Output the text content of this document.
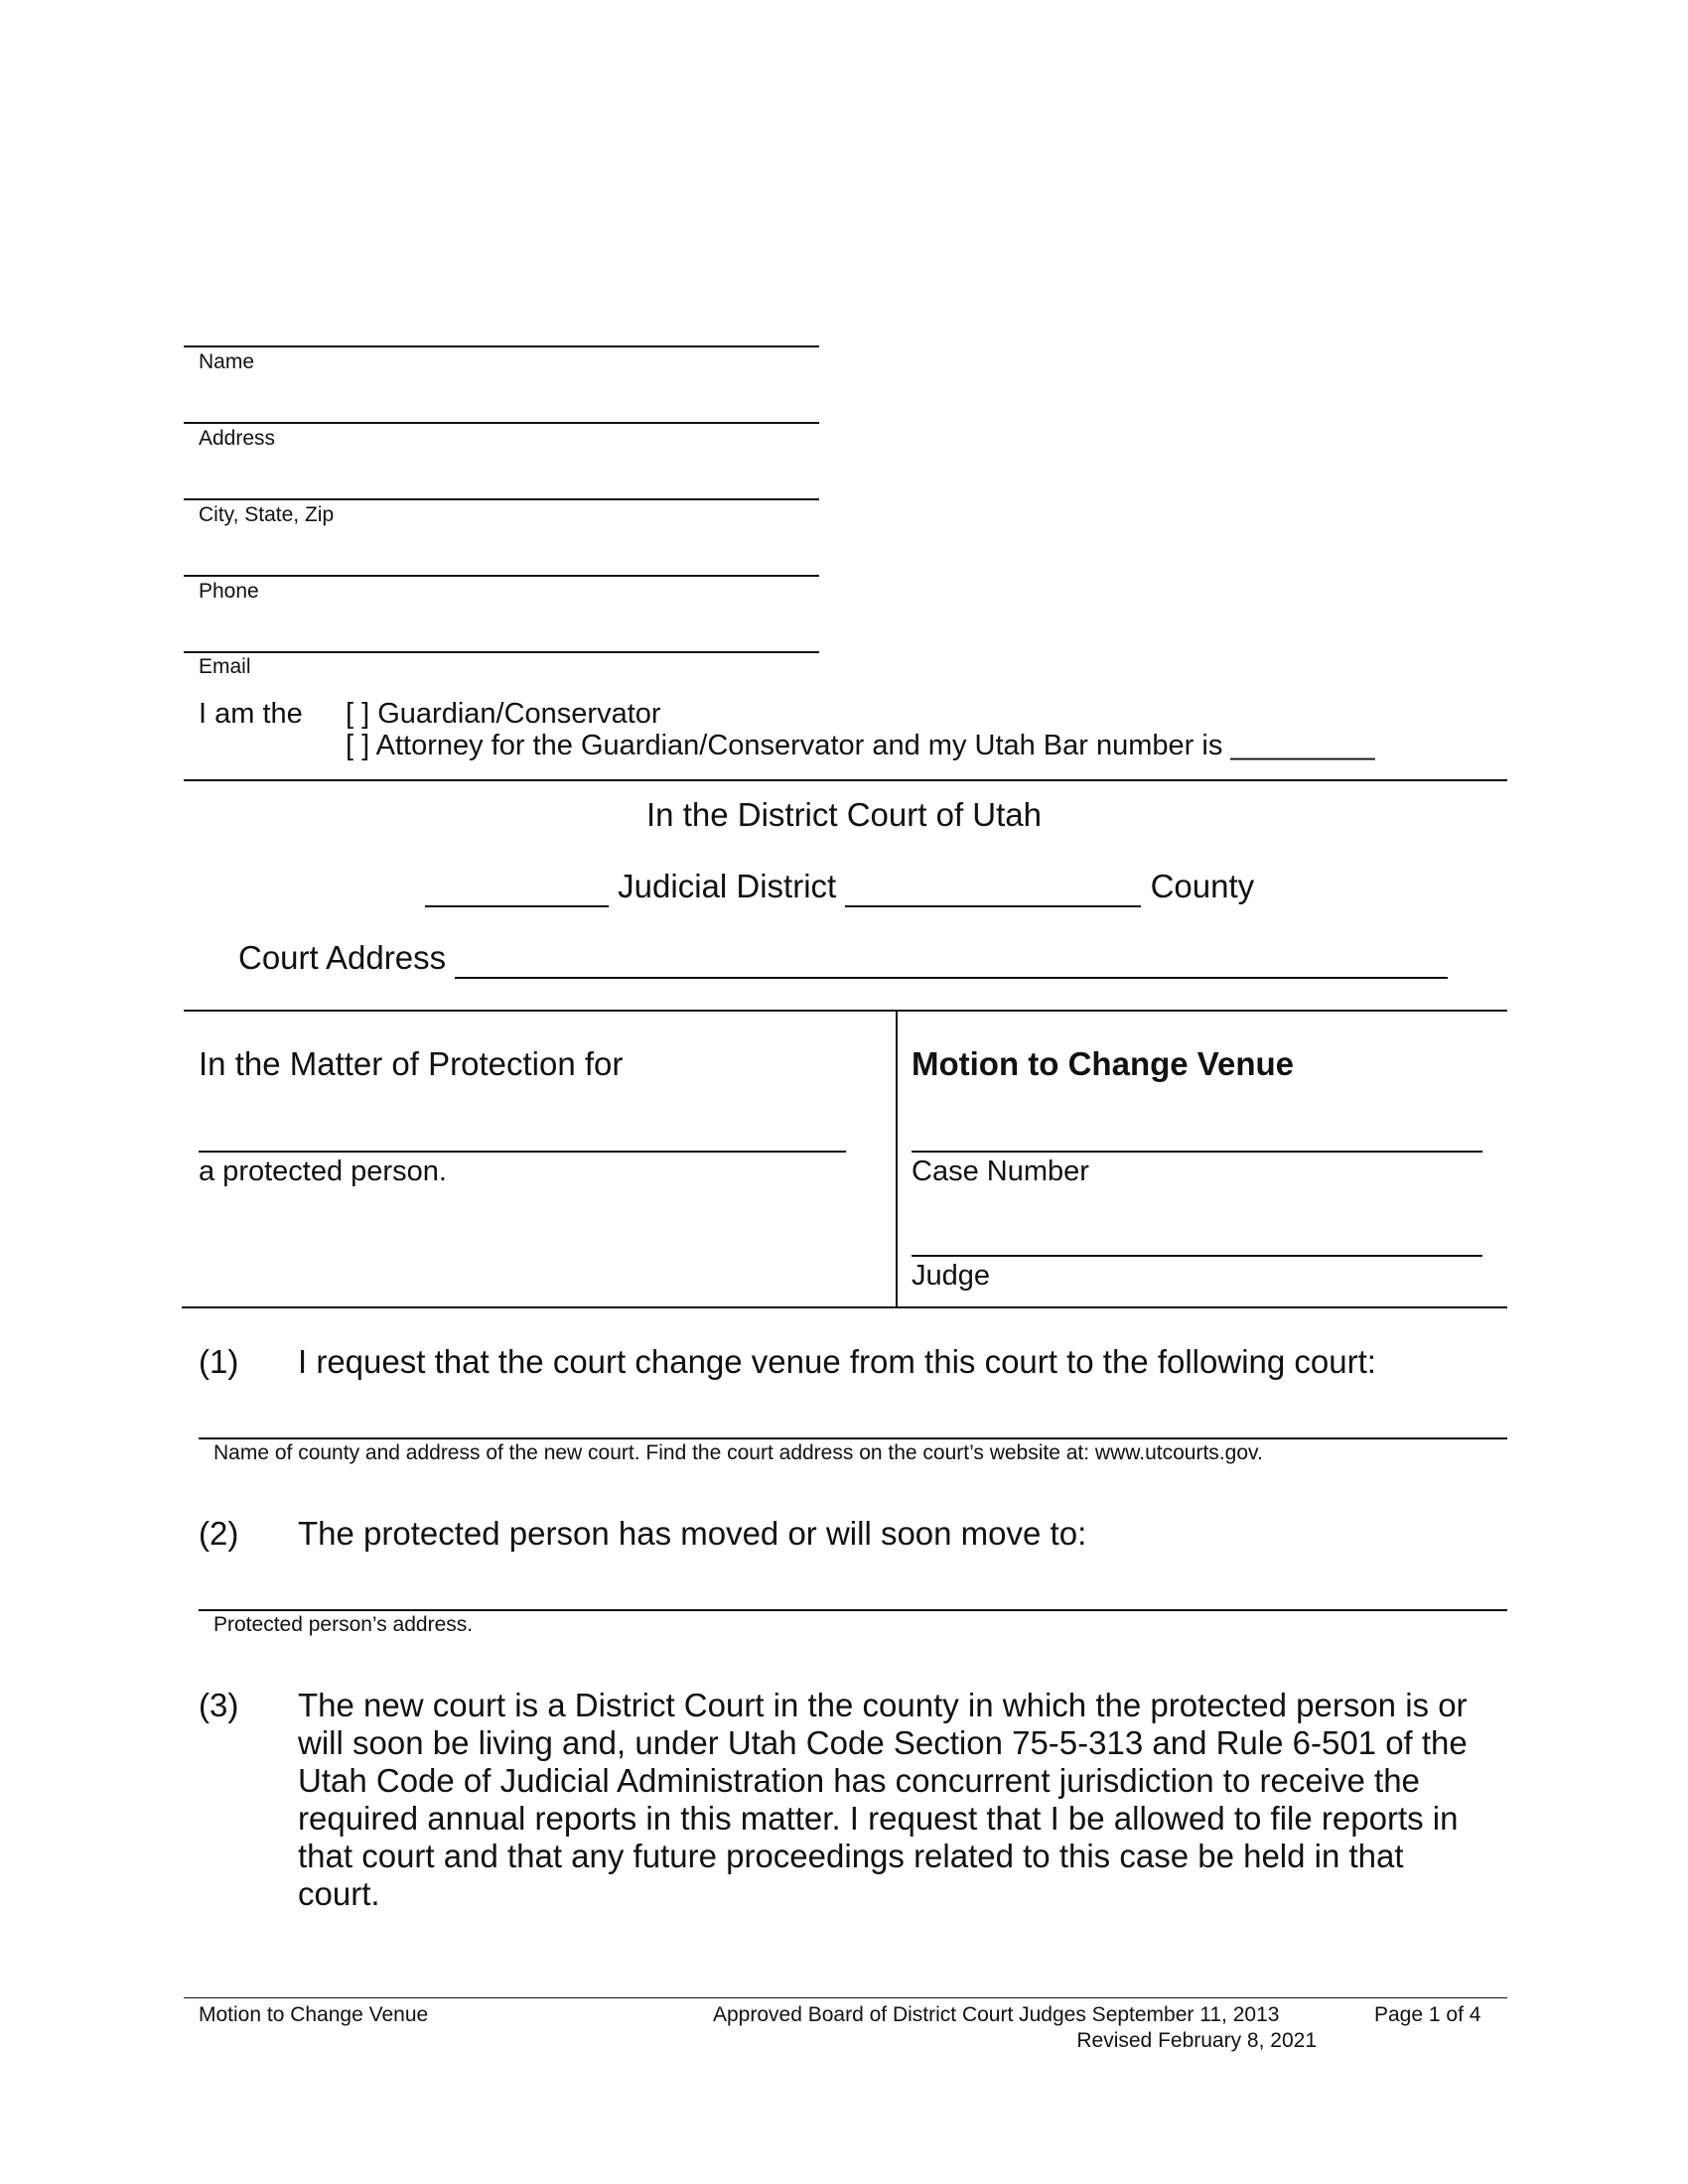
Name
Address
City, State, Zip
Phone
Email
I am the [ ] Guardian/Conservator
[ ] Attorney for the Guardian/Conservator and my Utah Bar number is _________
In the District Court of Utah
Judicial District	County
Court Address
In the Matter of Protection for
a protected person.
Motion to Change Venue
Case Number
Judge
(1) I request that the court change venue from this court to the following court:
Name of county and address of the new court. Find the court address on the court’s website at: www.utcourts.gov.
(2) The protected person has moved or will soon move to:
Protected person’s address.
(3) The new court is a District Court in the county in which the protected person is or
will soon be living and, under Utah Code Section 75-5-313 and Rule 6-501 of the
Utah Code of Judicial Administration has concurrent jurisdiction to receive the
required annual reports in this matter. I request that I be allowed to file reports in
that court and that any future proceedings related to this case be held in that
court.
Motion to Change Venue	Approved Board of District Court Judges September 11, 2013
Revised February 8, 2021
Page 1 of 4
